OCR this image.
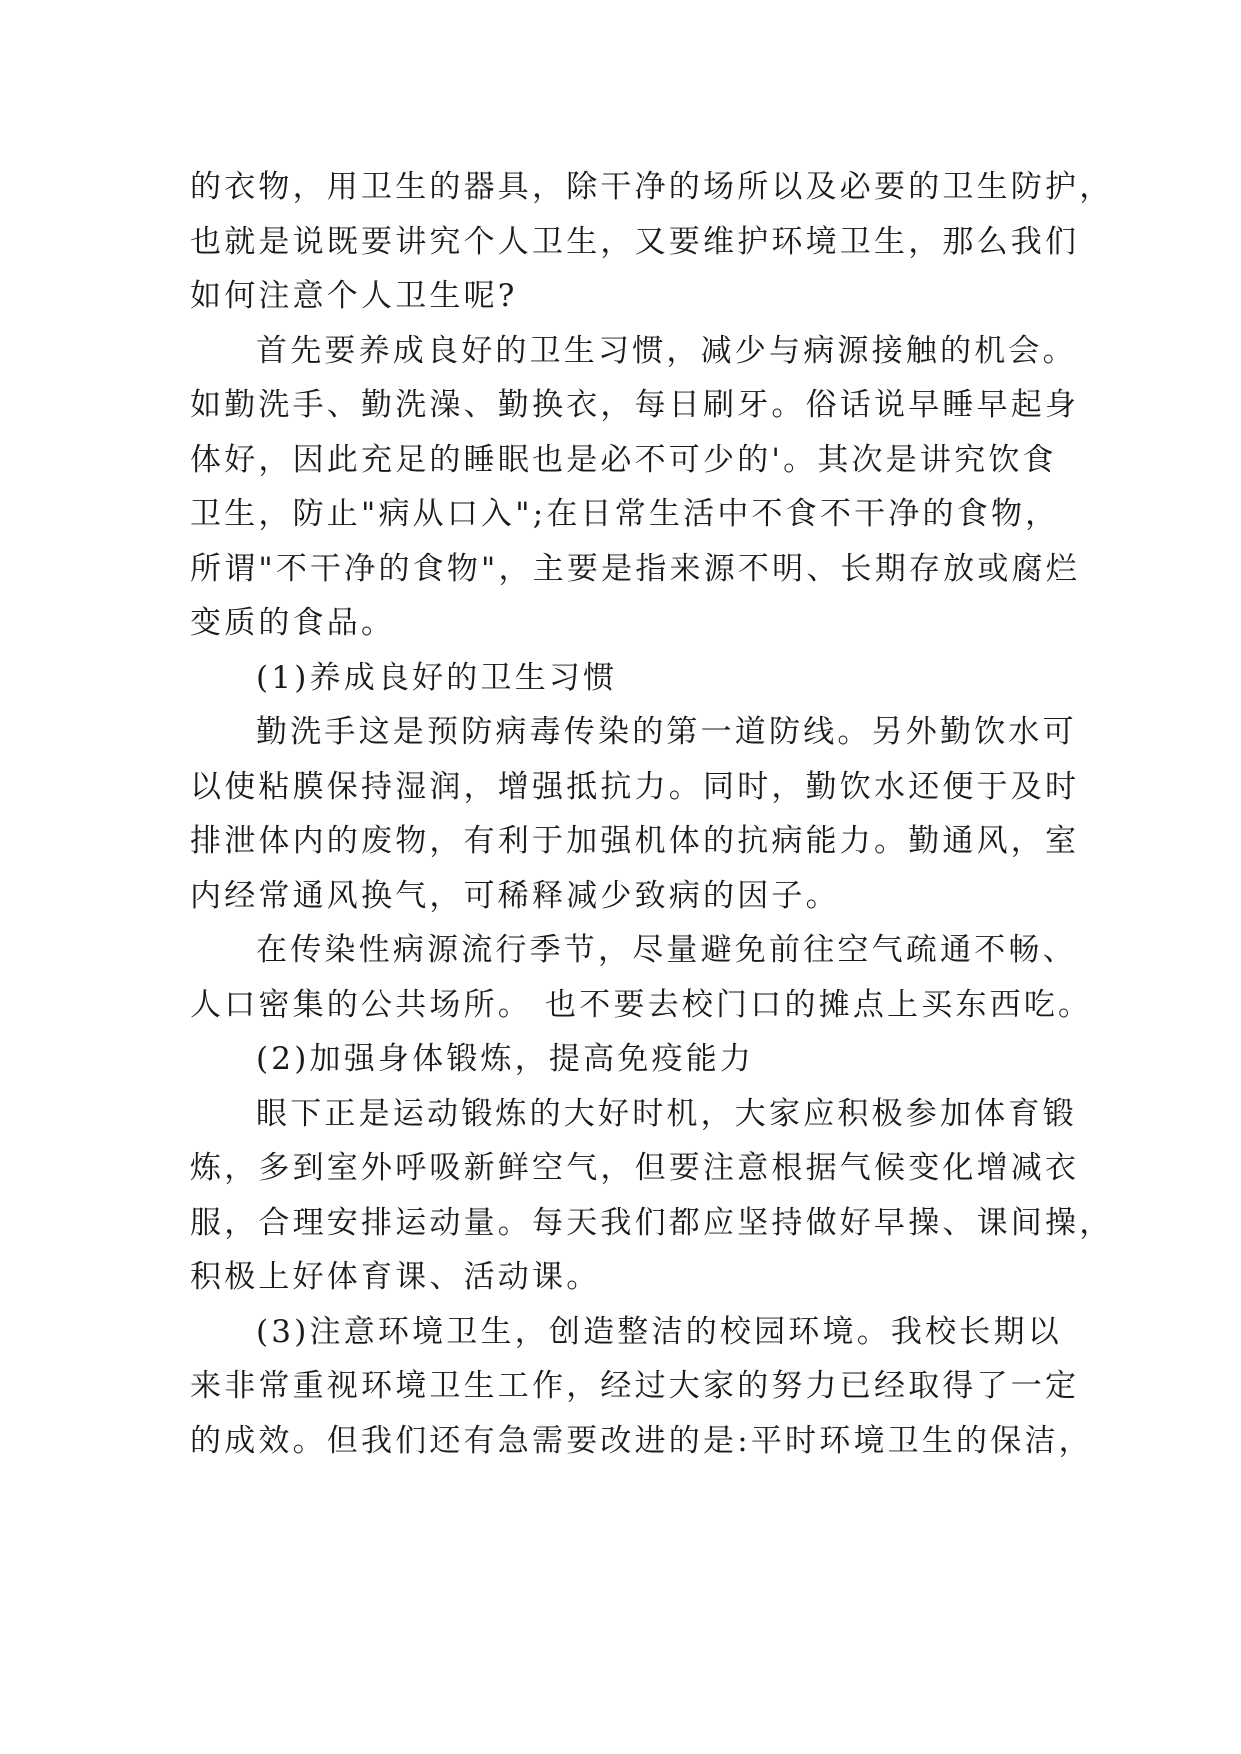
的衣物，用卫生的器具，除干净的场所以及必要的卫生防护，
也就是说既要讲究个人卫生，又要维护环境卫生，那么我们
如何注意个人卫生呢?
首先要养成良好的卫生习惯，减少与病源接触的机会。
如勤洗手、勤洗澡、勤换衣，每日刷牙。俗话说早睡早起身
体好，因此充足的睡眠也是必不可少的'。其次是讲究饮食
卫生，防止"病从口入";在日常生活中不食不干净的食物，
所谓"不干净的食物"，主要是指来源不明、长期存放或腐烂
变质的食品。
(1)养成良好的卫生习惯
勤洗手这是预防病毒传染的第一道防线。另外勤饮水可
以使粘膜保持湿润，增强抵抗力。同时，勤饮水还便于及时
排泄体内的废物，有利于加强机体的抗病能力。勤通风，室
内经常通风换气，可稀释减少致病的因子。
在传染性病源流行季节，尽量避免前往空气疏通不畅、
人口密集的公共场所。 也不要去校门口的摊点上买东西吃。
(2)加强身体锻炼，提高免疫能力
眼下正是运动锻炼的大好时机，大家应积极参加体育锻
炼，多到室外呼吸新鲜空气，但要注意根据气候变化增减衣
服，合理安排运动量。每天我们都应坚持做好早操、课间操，
积极上好体育课、活动课。
(3)注意环境卫生，创造整洁的校园环境。我校长期以
来非常重视环境卫生工作，经过大家的努力已经取得了一定
的成效。但我们还有急需要改进的是:平时环境卫生的保洁，
